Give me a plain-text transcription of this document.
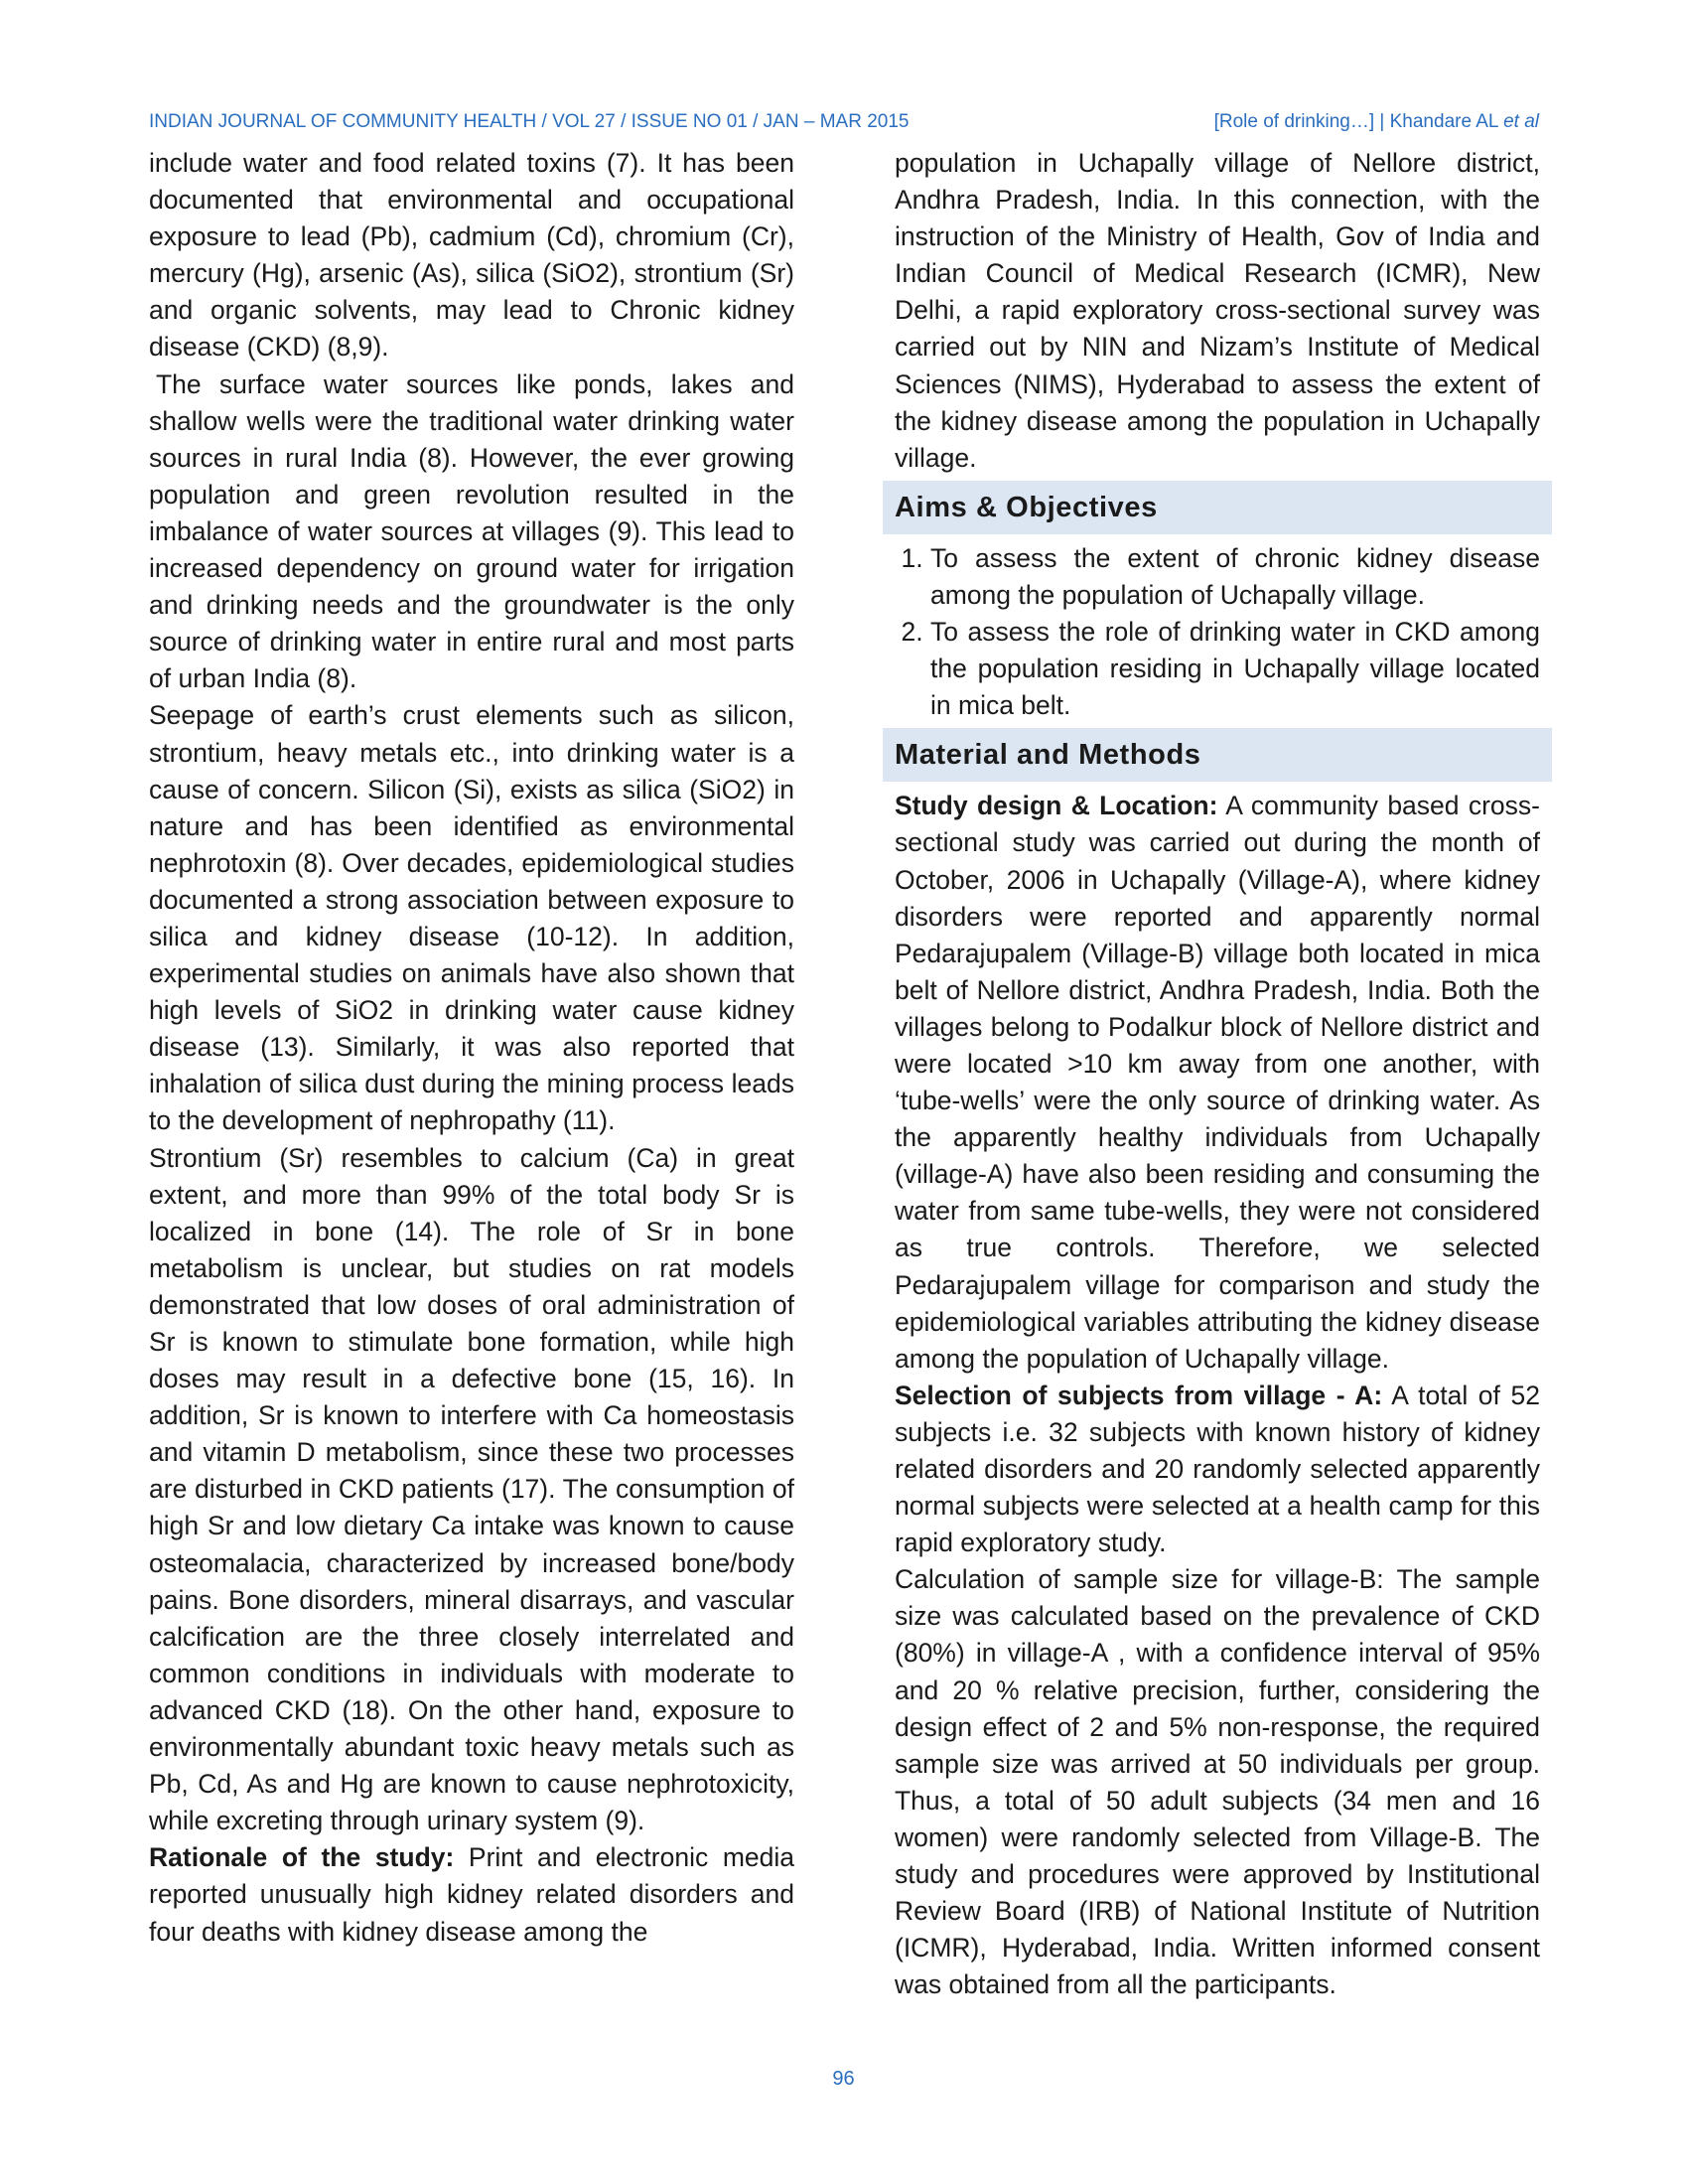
INDIAN JOURNAL OF COMMUNITY HEALTH / VOL 27 / ISSUE NO 01 / JAN – MAR 2015	[Role of drinking…] | Khandare AL et al

include water and food related toxins (7). It has been documented that environmental and occupational exposure to lead (Pb), cadmium (Cd), chromium (Cr), mercury (Hg), arsenic (As), silica (SiO2), strontium (Sr) and organic solvents, may lead to Chronic kidney disease (CKD) (8,9).

The surface water sources like ponds, lakes and shallow wells were the traditional water drinking water sources in rural India (8). However, the ever growing population and green revolution resulted in the imbalance of water sources at villages (9). This lead to increased dependency on ground water for irrigation and drinking needs and the groundwater is the only source of drinking water in entire rural and most parts of urban India (8).

Seepage of earth’s crust elements such as silicon, strontium, heavy metals etc., into drinking water is a cause of concern. Silicon (Si), exists as silica (SiO2) in nature and has been identified as environmental nephrotoxin (8). Over decades, epidemiological studies documented a strong association between exposure to silica and kidney disease (10-12). In addition, experimental studies on animals have also shown that high levels of SiO2 in drinking water cause kidney disease (13). Similarly, it was also reported that inhalation of silica dust during the mining process leads to the development of nephropathy (11).

Strontium (Sr) resembles to calcium (Ca) in great extent, and more than 99% of the total body Sr is localized in bone (14). The role of Sr in bone metabolism is unclear, but studies on rat models demonstrated that low doses of oral administration of Sr is known to stimulate bone formation, while high doses may result in a defective bone (15, 16). In addition, Sr is known to interfere with Ca homeostasis and vitamin D metabolism, since these two processes are disturbed in CKD patients (17). The consumption of high Sr and low dietary Ca intake was known to cause osteomalacia, characterized by increased bone/body pains. Bone disorders, mineral disarrays, and vascular calcification are the three closely interrelated and common conditions in individuals with moderate to advanced CKD (18). On the other hand, exposure to environmentally abundant toxic heavy metals such as Pb, Cd, As and Hg are known to cause nephrotoxicity, while excreting through urinary system (9).

Rationale of the study: Print and electronic media reported unusually high kidney related disorders and four deaths with kidney disease among the

population in Uchapally village of Nellore district, Andhra Pradesh, India. In this connection, with the instruction of the Ministry of Health, Gov of India and Indian Council of Medical Research (ICMR), New Delhi, a rapid exploratory cross-sectional survey was carried out by NIN and Nizam’s Institute of Medical Sciences (NIMS), Hyderabad to assess the extent of the kidney disease among the population in Uchapally village.

Aims & Objectives
1. To assess the extent of chronic kidney disease among the population of Uchapally village.
2. To assess the role of drinking water in CKD among the population residing in Uchapally village located in mica belt.
Material and Methods

Study design & Location: A community based cross-sectional study was carried out during the month of October, 2006 in Uchapally (Village-A), where kidney disorders were reported and apparently normal Pedarajupalem (Village-B) village both located in mica belt of Nellore district, Andhra Pradesh, India. Both the villages belong to Podalkur block of Nellore district and were located >10 km away from one another, with ‘tube-wells’ were the only source of drinking water. As the apparently healthy individuals from Uchapally (village-A) have also been residing and consuming the water from same tube-wells, they were not considered as true controls. Therefore, we selected Pedarajupalem village for comparison and study the epidemiological variables attributing the kidney disease among the population of Uchapally village.

Selection of subjects from village - A: A total of 52 subjects i.e. 32 subjects with known history of kidney related disorders and 20 randomly selected apparently normal subjects were selected at a health camp for this rapid exploratory study.

Calculation of sample size for village-B: The sample size was calculated based on the prevalence of CKD (80%) in village-A , with a confidence interval of 95% and 20 % relative precision, further, considering the design effect of 2 and 5% non-response, the required sample size was arrived at 50 individuals per group. Thus, a total of 50 adult subjects (34 men and 16 women) were randomly selected from Village-B. The study and procedures were approved by Institutional Review Board (IRB) of National Institute of Nutrition (ICMR), Hyderabad, India. Written informed consent was obtained from all the participants.

96
